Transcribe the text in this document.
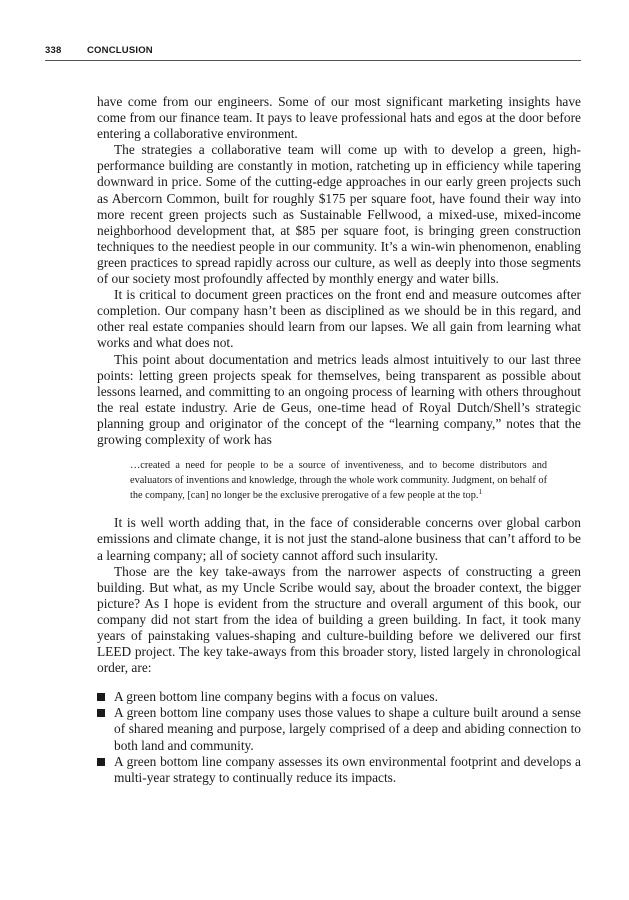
338	CONCLUSION

have come from our engineers. Some of our most significant marketing insights have come from our finance team. It pays to leave professional hats and egos at the door before entering a collaborative environment.

The strategies a collaborative team will come up with to develop a green, high-performance building are constantly in motion, ratcheting up in efficiency while tapering downward in price. Some of the cutting-edge approaches in our early green projects such as Abercorn Common, built for roughly $175 per square foot, have found their way into more recent green projects such as Sustainable Fellwood, a mixed-use, mixed-income neighborhood development that, at $85 per square foot, is bringing green construction techniques to the neediest people in our community. It’s a win-win phenomenon, enabling green practices to spread rapidly across our culture, as well as deeply into those segments of our society most profoundly affected by monthly energy and water bills.

It is critical to document green practices on the front end and measure outcomes after completion. Our company hasn’t been as disciplined as we should be in this regard, and other real estate companies should learn from our lapses. We all gain from learning what works and what does not.

This point about documentation and metrics leads almost intuitively to our last three points: letting green projects speak for themselves, being transparent as possible about lessons learned, and committing to an ongoing process of learning with others throughout the real estate industry. Arie de Geus, one-time head of Royal Dutch/Shell’s strategic planning group and originator of the concept of the “learning company,” notes that the growing complexity of work has

…created a need for people to be a source of inventiveness, and to become distributors and evaluators of inventions and knowledge, through the whole work community. Judgment, on behalf of the company, [can] no longer be the exclusive prerogative of a few people at the top.$^1$

It is well worth adding that, in the face of considerable concerns over global carbon emissions and climate change, it is not just the stand-alone business that can’t afford to be a learning company; all of society cannot afford such insularity.

Those are the key take-aways from the narrower aspects of constructing a green building. But what, as my Uncle Scribe would say, about the broader context, the bigger picture? As I hope is evident from the structure and overall argument of this book, our company did not start from the idea of building a green building. In fact, it took many years of painstaking values-shaping and culture-building before we delivered our first LEED project. The key take-aways from this broader story, listed largely in chronological order, are:

A green bottom line company begins with a focus on values.
A green bottom line company uses those values to shape a culture built around a sense of shared meaning and purpose, largely comprised of a deep and abiding connection to both land and community.
A green bottom line company assesses its own environmental footprint and develops a multi-year strategy to continually reduce its impacts.
